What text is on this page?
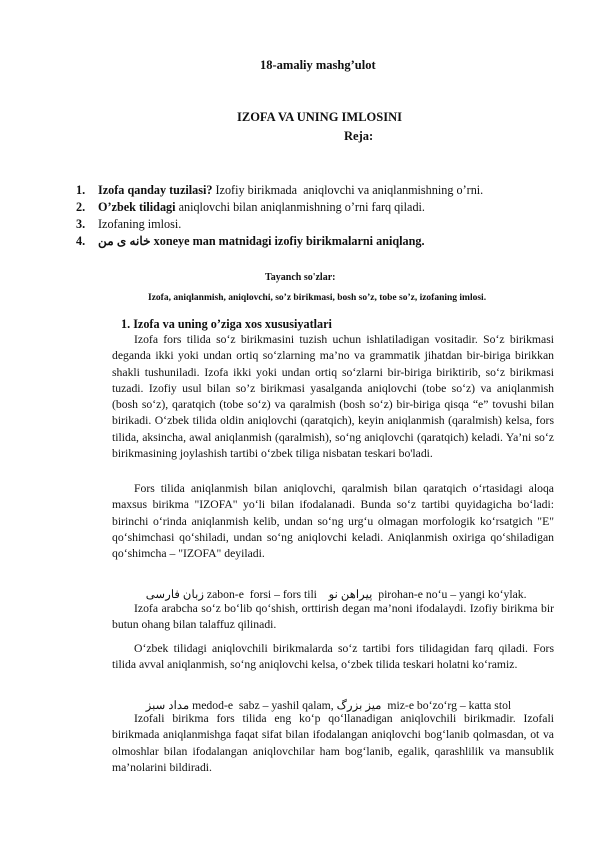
18-amaliy mashg’ulot
IZOFA VA UNING IMLOSINI
Reja:
1.	Izofa qanday tuzilasi? Izofiy birikmada  aniqlovchi va aniqlanmishning o’rni.
2.	O’zbek tilidagi aniqlovchi bilan aniqlanmishning o’rni farq qiladi.
3.	Izofaning imlosi.
4.	خانه ی من xoneye man matnidagi izofiy birikmalarni aniqlang.
Tayanch so'zlar:
Izofa, aniqlanmish, aniqlovchi, so’z birikmasi, bosh so’z, tobe so’z, izofaning imlosi.
1. Izofa va uning o’ziga xos xususiyatlari
Izofa fors tilida so‘z birikmasini tuzish uchun ishlatiladigan vositadir. So‘z birikmasi deganda ikki yoki undan ortiq so‘zlarning ma’no va grammatik jihatdan bir-biriga birikkan shakli tushuniladi. Izofa ikki yoki undan ortiq so‘zlarni bir-biriga biriktirib, so‘z birikmasi tuzadi. Izofiy usul bilan so’z birikmasi yasalganda aniqlovchi (tobe so‘z) va aniqlanmish (bosh so‘z), qaratqich (tobe so‘z) va qaralmish (bosh so‘z) bir-biriga qisqa “e” tovushi bilan birikadi. O‘zbek tilida oldin aniqlovchi (qaratqich), keyin aniqlanmish (qaralmish) kelsa, fors tilida, aksincha, awal aniqlanmish (qaralmish), so‘ng aniqlovchi (qaratqich) keladi. Ya’ni so‘z birikmasining joylashish tartibi o‘zbek tiliga nisbatan teskari bo'ladi.
Fors tilida aniqlanmish bilan aniqlovchi, qaralmish bilan qaratqich o‘rtasidagi aloqa maxsus birikma "IZOFA" yo‘li bilan ifodalanadi. Bunda so‘z tartibi quyidagicha bo‘ladi: birinchi o‘rinda aniqlanmish kelib, undan so‘ng urg‘u olmagan morfologik ko‘rsatgich "E" qo‘shimchasi qo‘shiladi, undan so‘ng aniqlovchi keladi. Aniqlanmish oxiriga qo‘shiladigan qo‘shimcha – "IZOFA" deyiladi.

زبان فارسی zabon-e  forsi – fors tili    پیراهن نو  pirohan-e no‘u – yangi ko‘ylak.

Izofa arabcha so‘z bo‘lib qo‘shish, orttirish degan ma’noni ifodalaydi. Izofiy birikma bir butun ohang bilan talaffuz qilinadi.
O‘zbek tilidagi aniqlovchili birikmalarda so‘z tartibi fors tilidagidan farq qiladi. Fors tilida avval aniqlanmish, so‘ng aniqlovchi kelsa, o‘zbek tilida teskari holatni ko‘ramiz.

مداد سبز medod-e  sabz – yashil qalam, میز بزرگ  miz-e bo‘zo‘rg – katta stol

Izofali birikma fors tilida eng ko‘p qo‘llanadigan aniqlovchili birikmadir. Izofali birikmada aniqlanmishga faqat sifat bilan ifodalangan aniqlovchi bog‘lanib qolmasdan, ot va olmoshlar bilan ifodalangan aniqlovchilar ham bog‘lanib, egalik, qarashlilik va mansublik ma’nolarini bildiradi.
